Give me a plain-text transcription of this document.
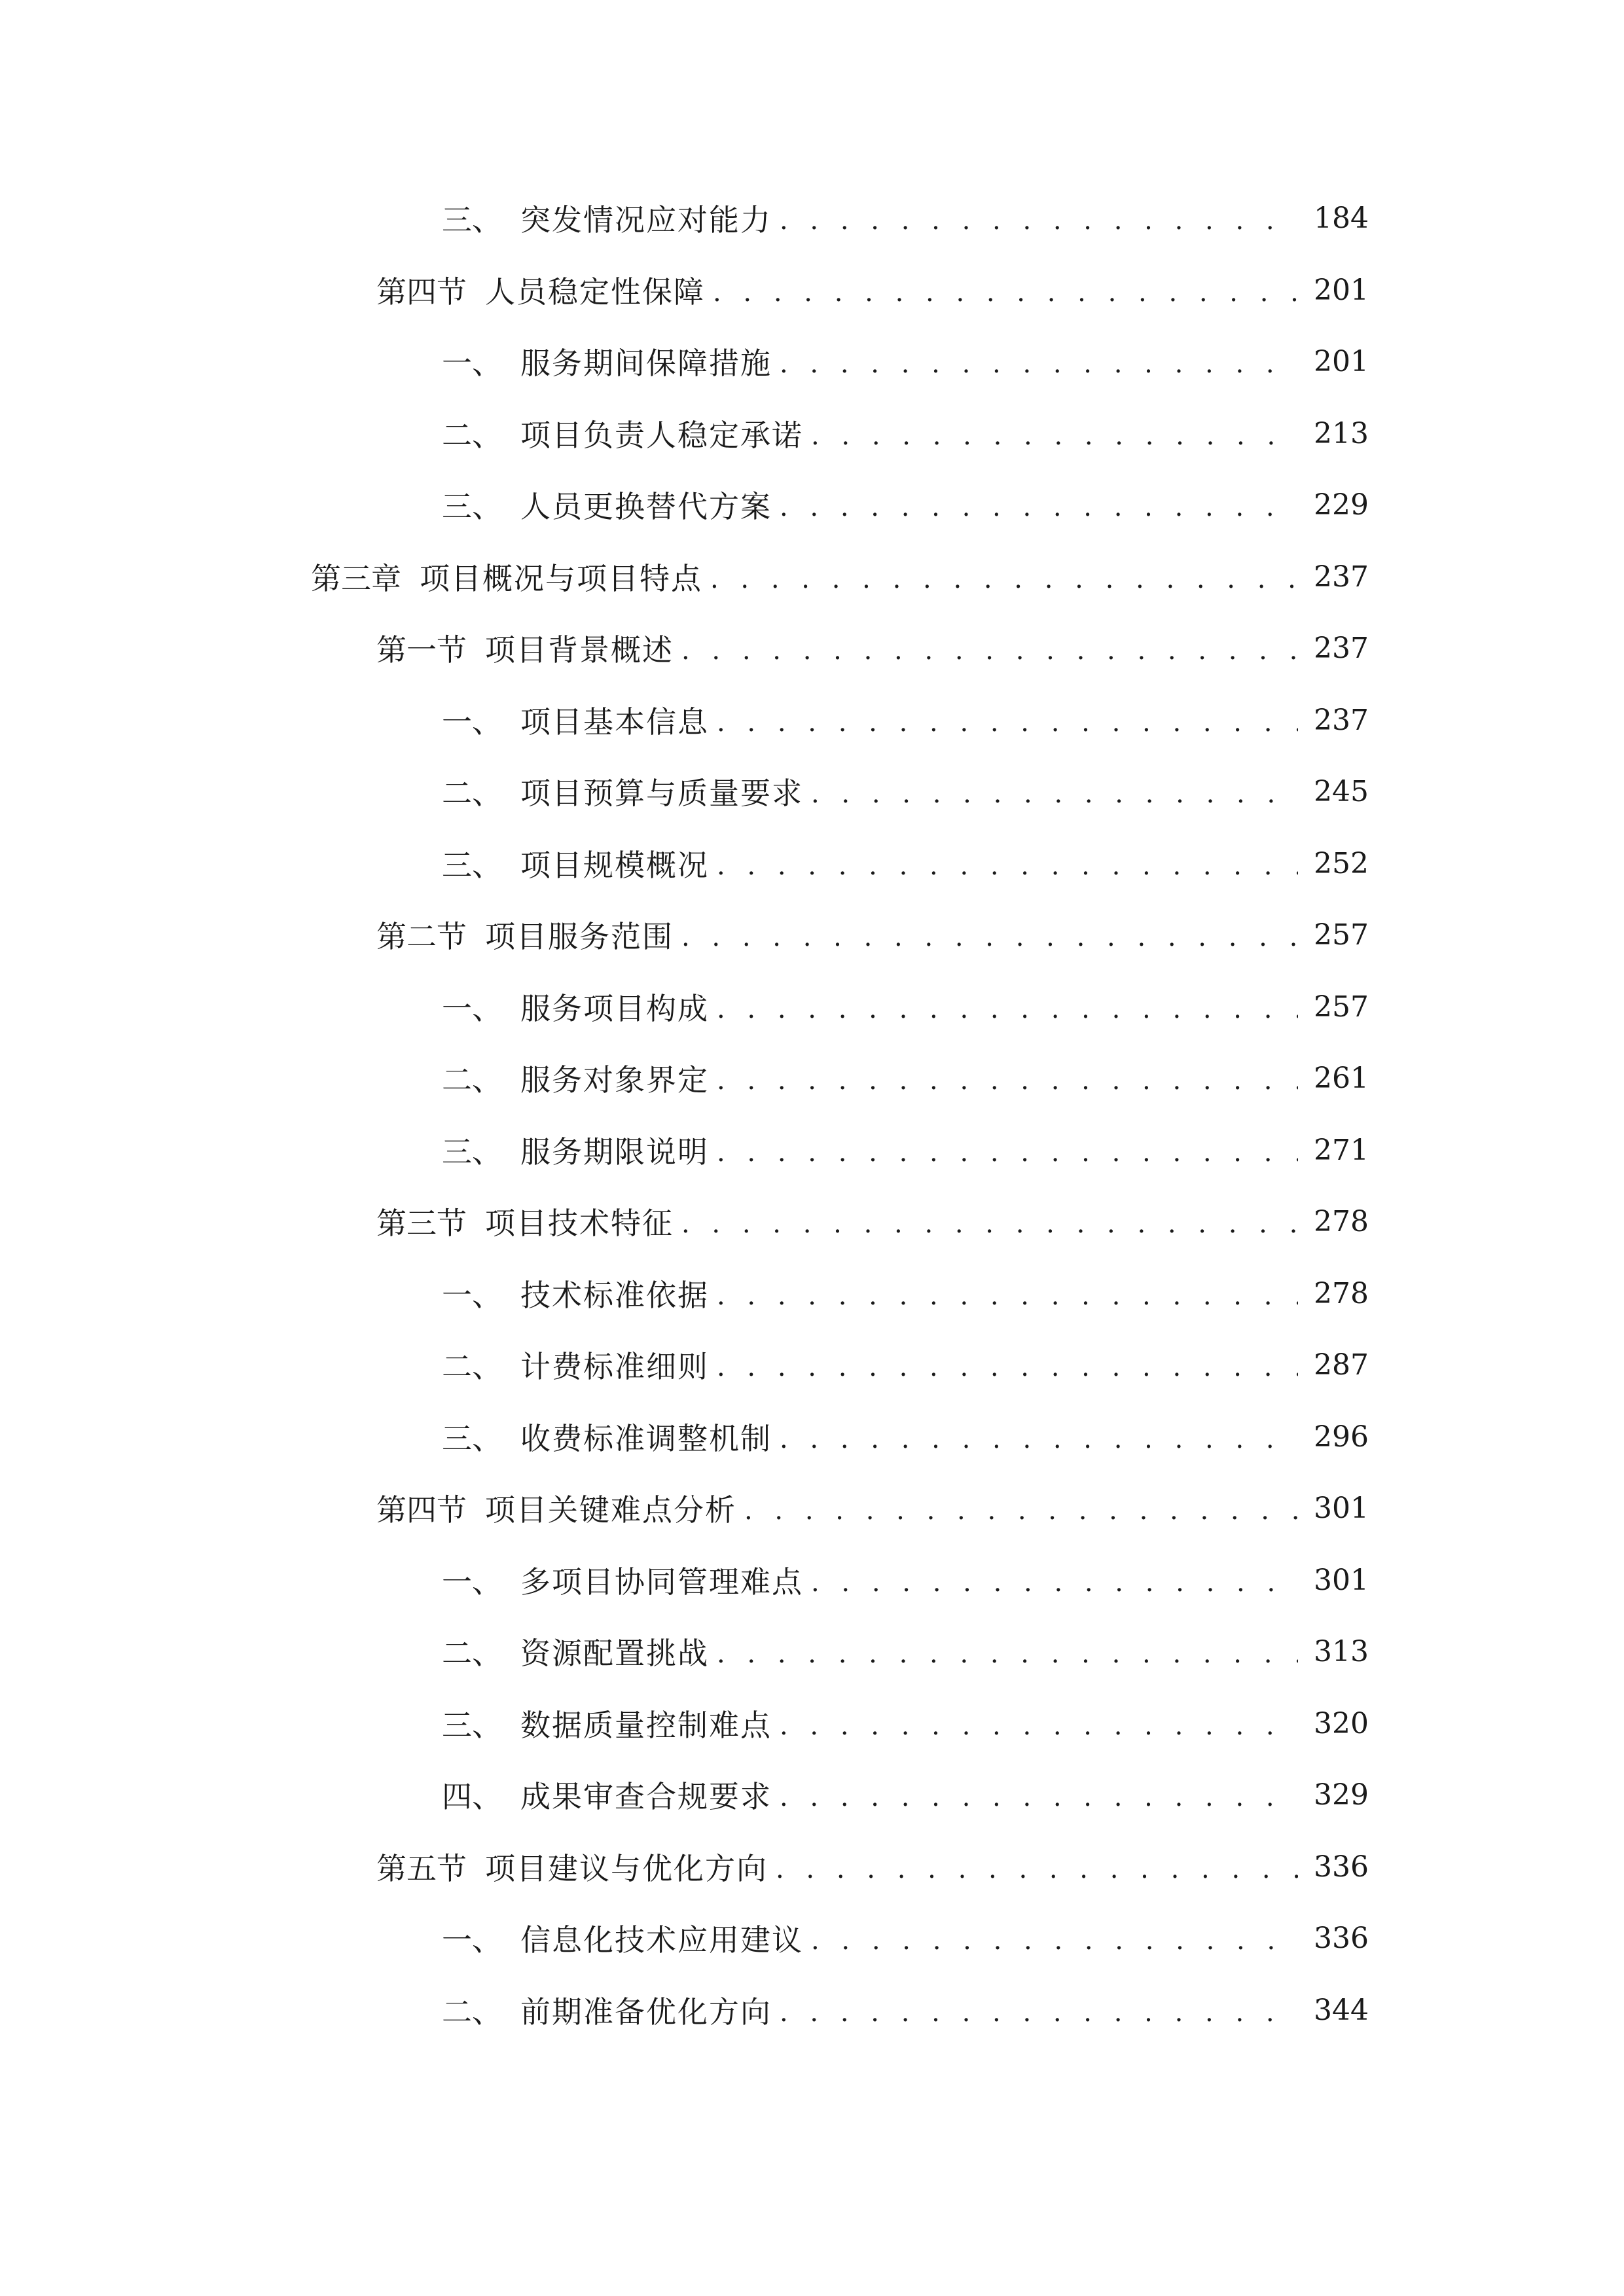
三、 突发情况应对能力 . . .	184
第四节 人员稳定性保障 . . .	201
一、 服务期间保障措施 . . .	201
二、 项目负责人稳定承诺 . . .	213
三、 人员更换替代方案 . . .	229
第三章 项目概况与项目特点 . . .	237
第一节 项目背景概述 . . .	237
一、 项目基本信息 . . .	237
二、 项目预算与质量要求 . . .	245
三、 项目规模概况 . . .	252
第二节 项目服务范围 . . .	257
一、 服务项目构成 . . .	257
二、 服务对象界定 . . .	261
三、 服务期限说明 . . .	271
第三节 项目技术特征 . . .	278
一、 技术标准依据 . . .	278
二、 计费标准细则 . . .	287
三、 收费标准调整机制 . . .	296
第四节 项目关键难点分析 . . .	301
一、 多项目协同管理难点 . . .	301
二、 资源配置挑战 . . .	313
三、 数据质量控制难点 . . .	320
四、 成果审查合规要求 . . .	329
第五节 项目建议与优化方向 . . .	336
一、 信息化技术应用建议 . . .	336
二、 前期准备优化方向 . . .	344
